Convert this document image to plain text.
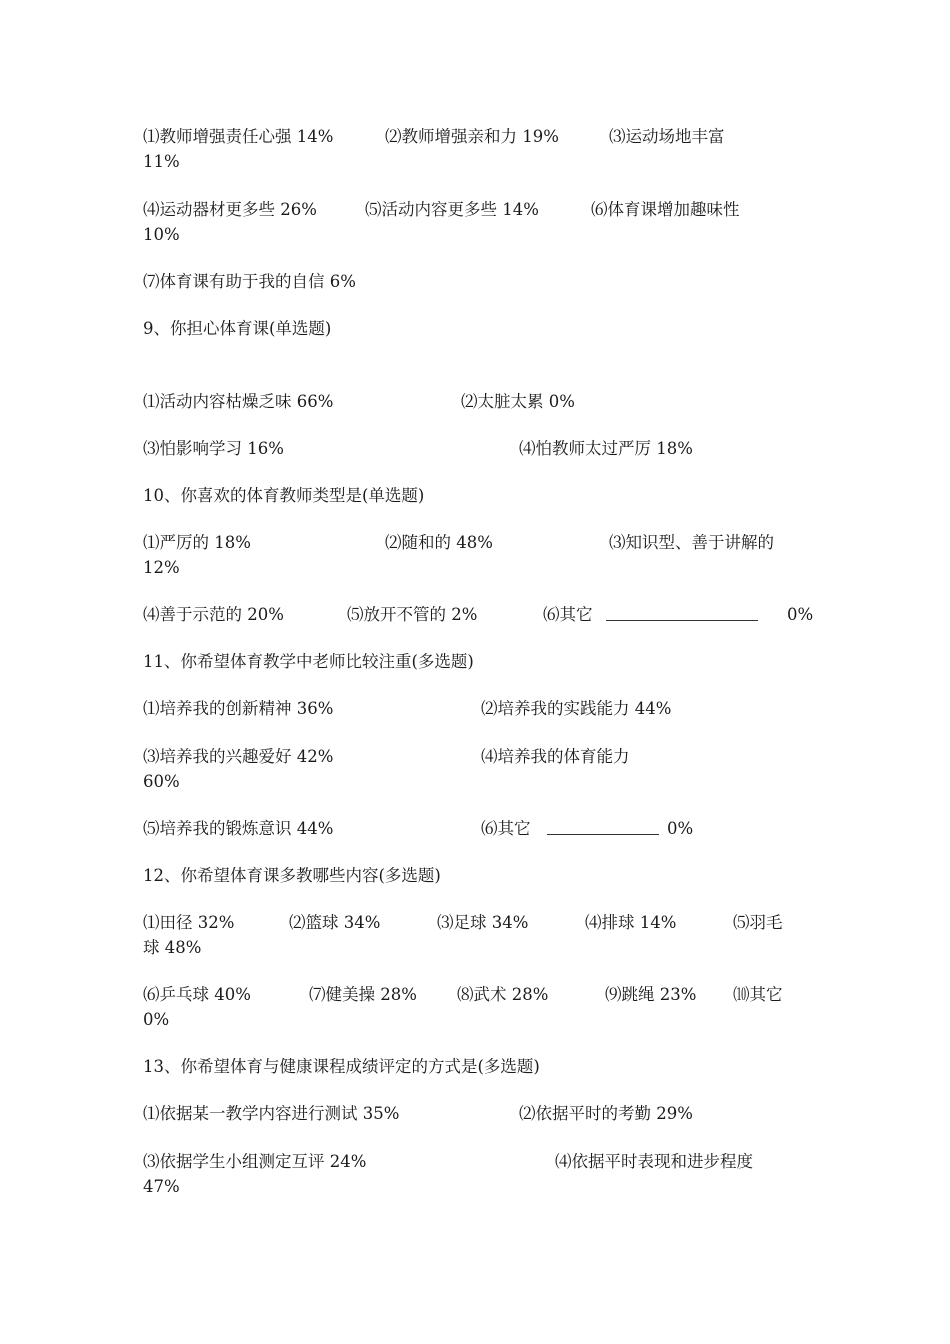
⑴教师增强责任心强 14%	⑵教师增强亲和力 19%	⑶运动场地丰富
11%
⑷运动器材更多些 26%	⑸活动内容更多些 14%	⑹体育课增加趣味性
10%
⑺体育课有助于我的自信 6%
9、你担心体育课(单选题)
⑴活动内容枯燥乏味 66%	⑵太脏太累 0%
⑶怕影响学习 16%	⑷怕教师太过严厉 18%
10、你喜欢的体育教师类型是(单选题)
⑴严厉的 18%	⑵随和的 48%	⑶知识型、善于讲解的
12%
⑷善于示范的 20%	⑸放开不管的 2%	⑹其它	0%
11、你希望体育教学中老师比较注重(多选题)
⑴培养我的创新精神 36%	⑵培养我的实践能力 44%
⑶培养我的兴趣爱好 42%	⑷培养我的体育能力
60%
⑸培养我的锻炼意识 44%	⑹其它	0%
12、你希望体育课多教哪些内容(多选题)
⑴田径 32%	⑵篮球 34%	⑶足球 34%	⑷排球 14%	⑸羽毛
球 48%
⑹乒乓球 40%	⑺健美操 28% ⑻武术 28%	⑼跳绳 23% ⑽其它
0%
13、你希望体育与健康课程成绩评定的方式是(多选题)
⑴依据某一教学内容进行测试 35%	⑵依据平时的考勤 29%
⑶依据学生小组测定互评 24%	⑷依据平时表现和进步程度
47%
